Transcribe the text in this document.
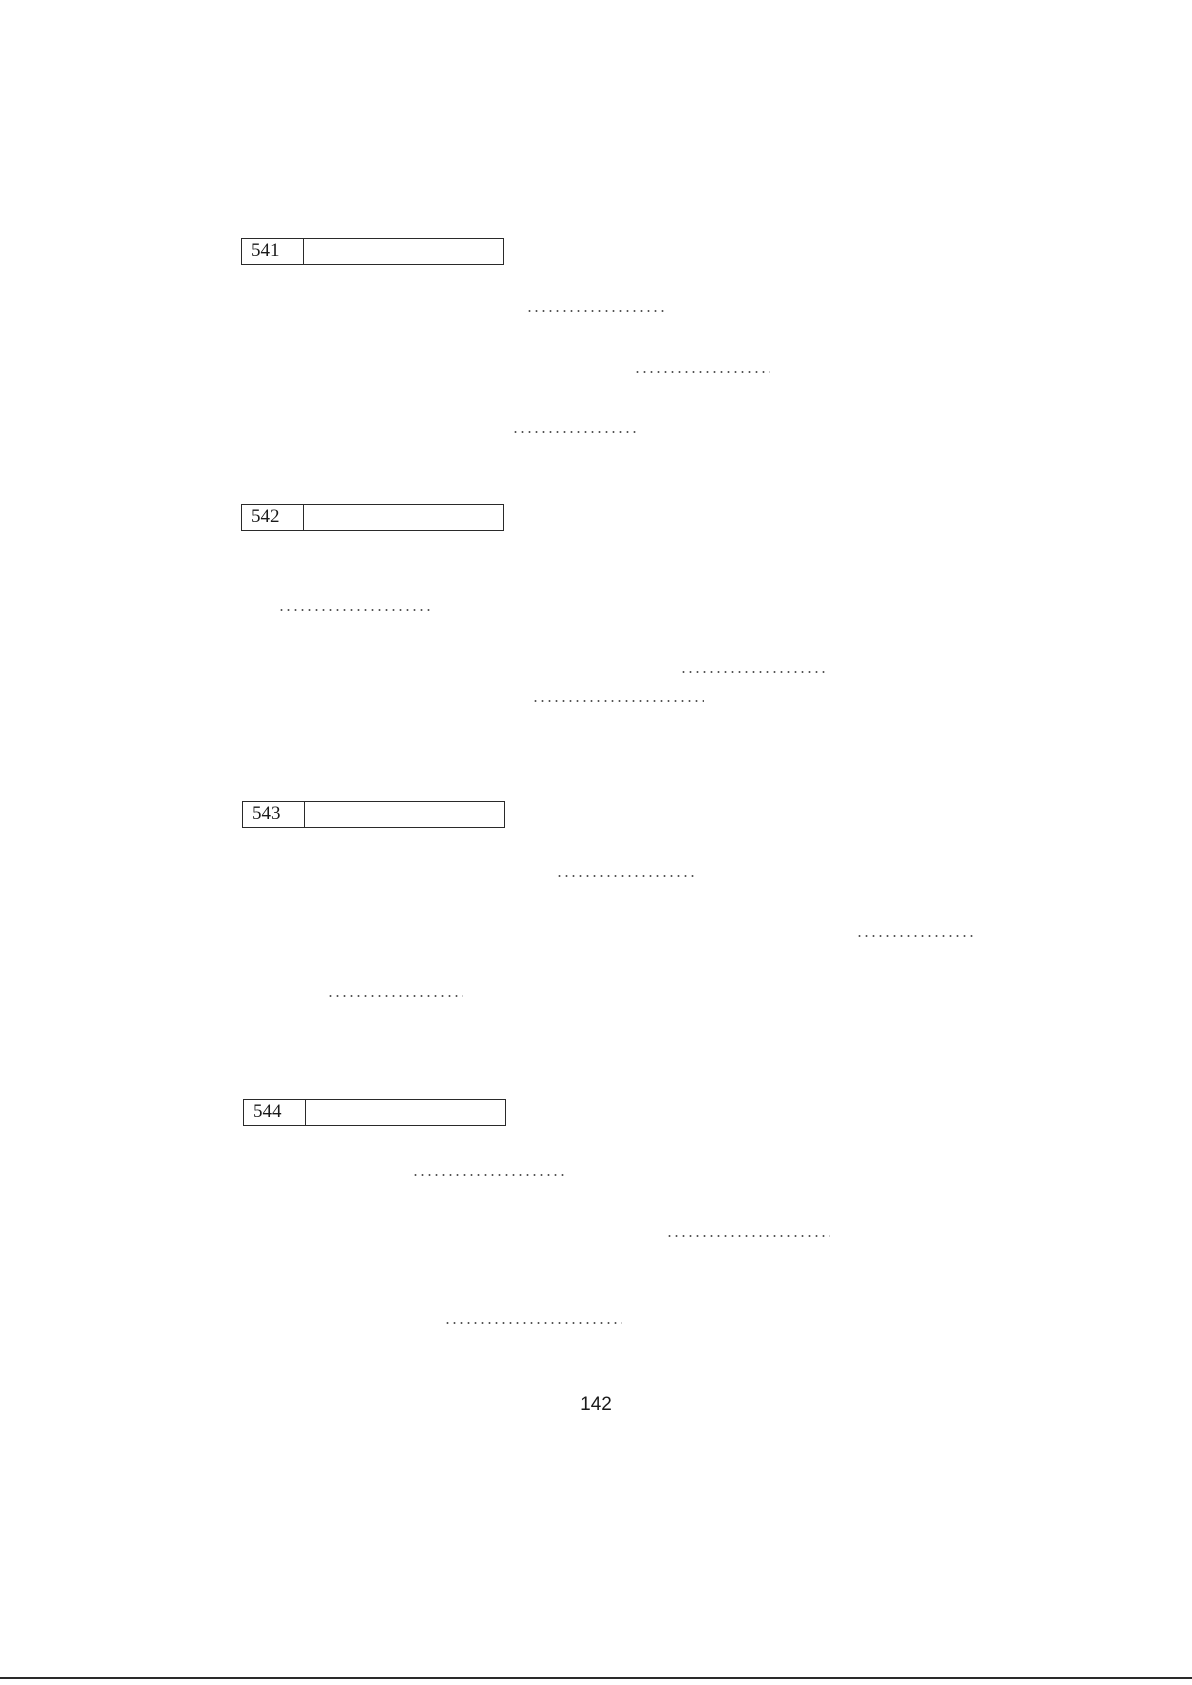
541
542
543
544
142
